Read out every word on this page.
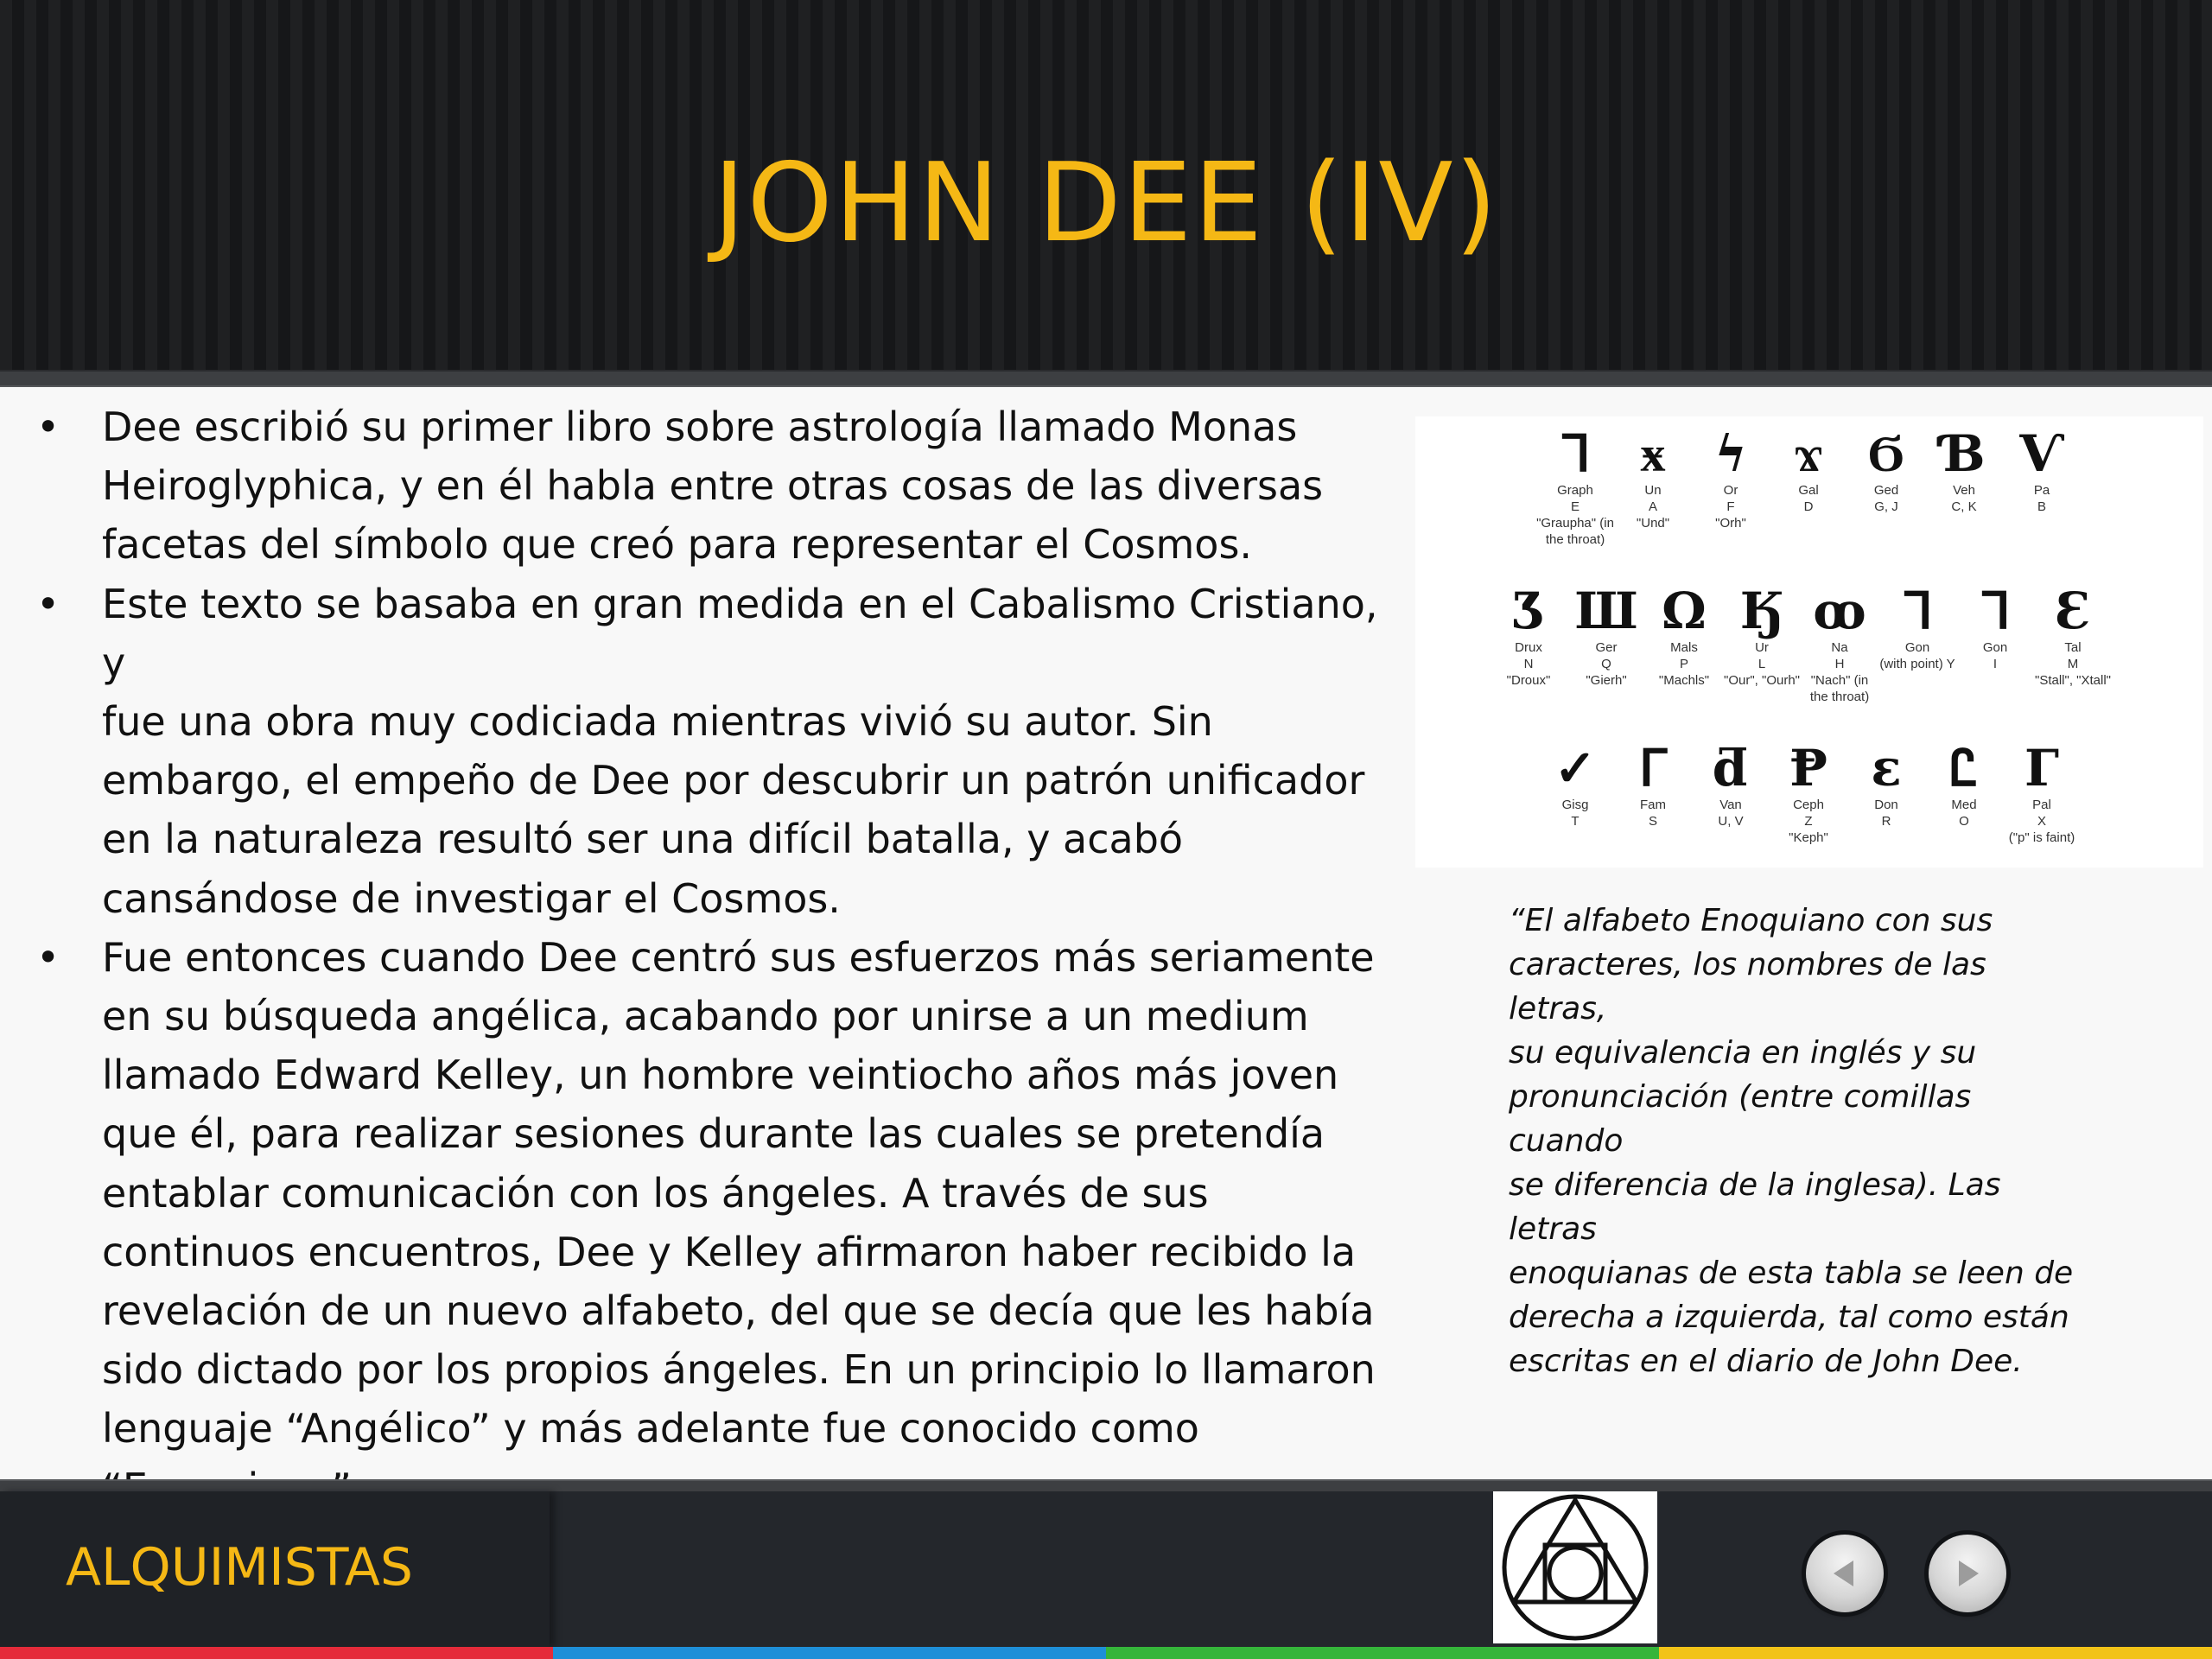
JOHN DEE (IV)
• Dee escribió su primer libro sobre astrología llamado Monas
Heiroglyphica, y en él habla entre otras cosas de las diversas
facetas del símbolo que creó para representar el Cosmos.
• Este texto se basaba en gran medida en el Cabalismo Cristiano, y
fue una obra muy codiciada mientras vivió su autor. Sin
embargo, el empeño de Dee por descubrir un patrón unificador
en la naturaleza resultó ser una difícil batalla, y acabó
cansándose de investigar el Cosmos.
• Fue entonces cuando Dee centró sus esfuerzos más seriamente
en su búsqueda angélica, acabando por unirse a un medium
llamado Edward Kelley, un hombre veintiocho años más joven
que él, para realizar sesiones durante las cuales se pretendía
entablar comunicación con los ángeles. A través de sus
continuos encuentros, Dee y Kelley afirmaron haber recibido la
revelación de un nuevo alfabeto, del que se decía que les había
sido dictado por los propios ángeles. En un principio lo llamaron
lenguaje “Angélico” y más adelante fue conocido como
ᒣ
Graph
E
"Graupha" (in the throat)
ӿ
Un
A
"Und"
ϟ
Or
F
"Orh"
ϫ
Gal
D
Ϭ
Ged
G, J
Ɓ
Veh
C, K
Ѵ
Pa
B
Ӡ
Drux
N
"Droux"
Ш
Ger
Q
"Gierh"
Ω
Mals
P
"Machls"
Ӄ
Ur
L
"Our", "Ourh"
ꝏ
Na
H
"Nach" (in the throat)
ᒣ
Gon
(with point) Y
ᒣ
Gon
I
Ɛ
Tal
M
"Stall", "Xtall"
✓
Gisg
T
ᒥ
Fam
S
ƌ
Van
U, V
Ᵽ
Ceph
Z
"Keph"
ɛ
Don
R
Ꮭ
Med
O
Г
Pal
X
("p" is faint)

“El alfabeto Enoquiano con sus
caracteres, los nombres de las letras,
su equivalencia en inglés y su
pronunciación (entre comillas cuando
se diferencia de la inglesa). Las letras
enoquianas de esta tabla se leen de
derecha a izquierda, tal como están
escritas en el diario de John Dee.

ALQUIMISTAS
